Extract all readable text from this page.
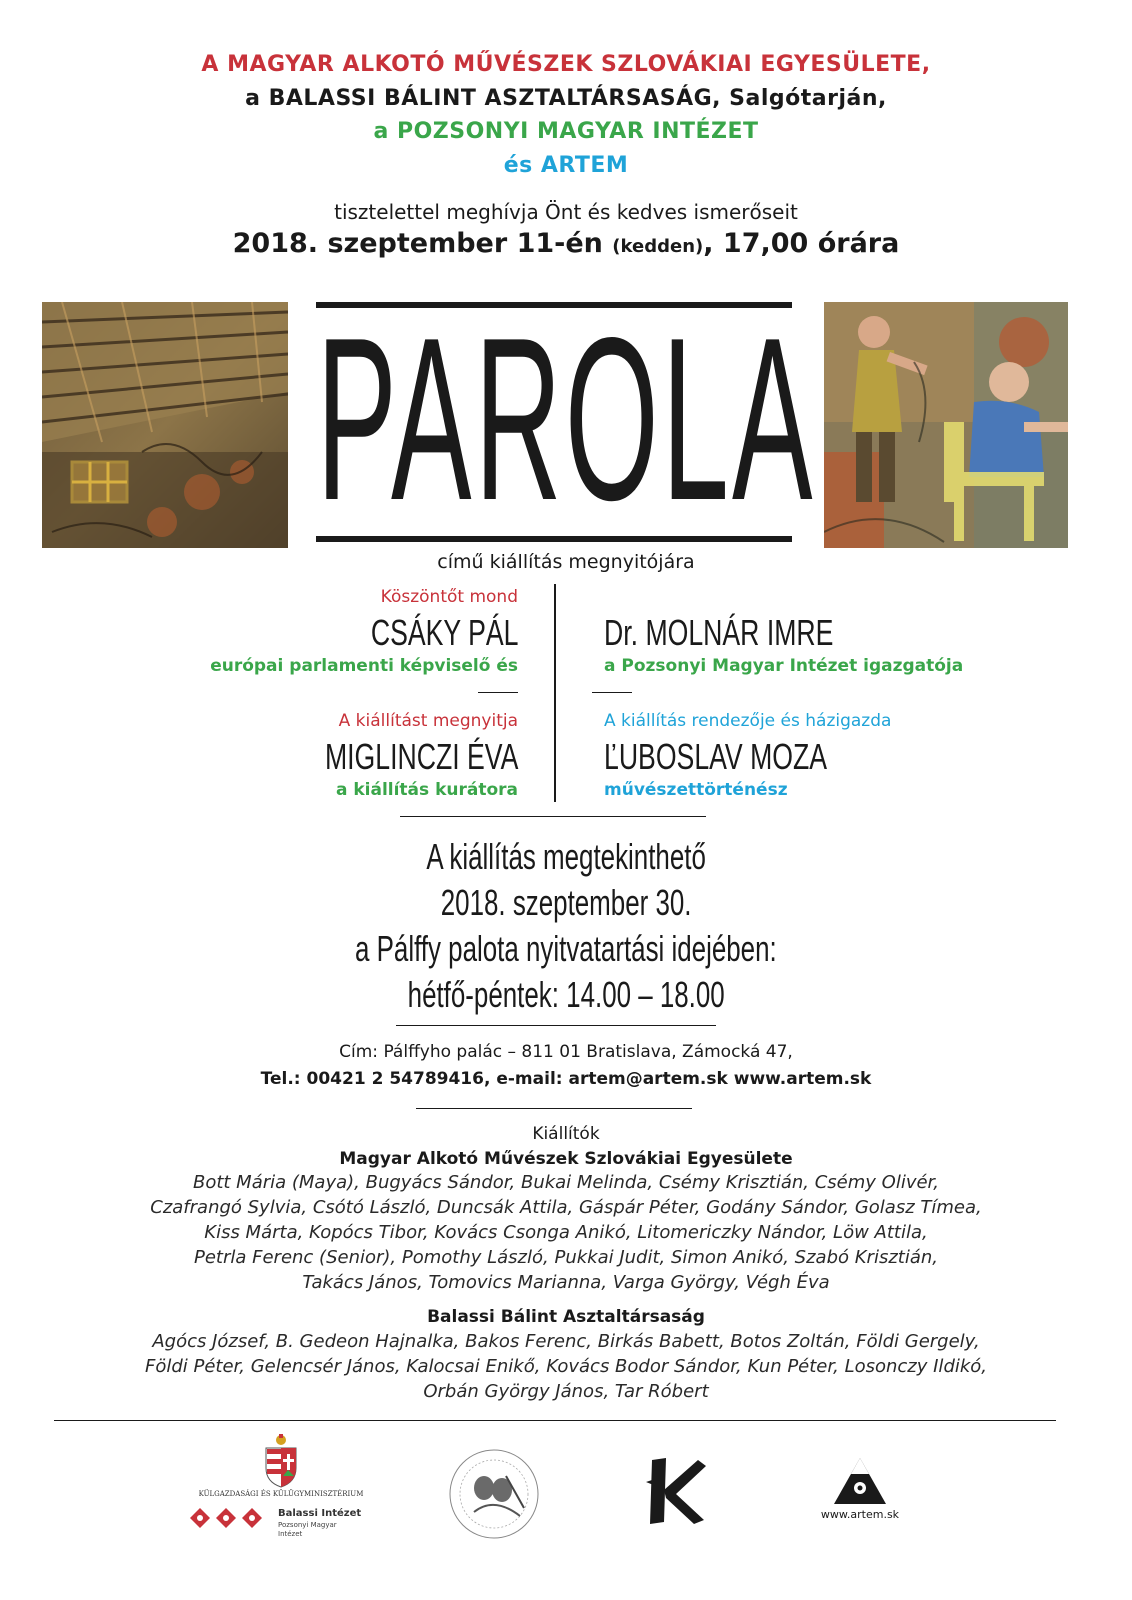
A MAGYAR ALKOTÓ MŰVÉSZEK SZLOVÁKIAI EGYESÜLETE,
a BALASSI BÁLINT ASZTALTÁRSASÁG, Salgótarján,
a POZSONYI MAGYAR INTÉZET
és ARTEM
tisztelettel meghívja Önt és kedves ismerőseit
2018. szeptember 11-én (kedden), 17,00 órára
PAROLA
című kiállítás megnyitójára
Köszöntőt mond
CSÁKY PÁL
európai parlamenti képviselő és
Dr. MOLNÁR IMRE
a Pozsonyi Magyar Intézet igazgatója
A kiállítást megnyitja
MIGLINCZI ÉVA
a kiállítás kurátora
A kiállítás rendezője és házigazda
ĽUBOSLAV MOZA
művészettörténész
A kiállítás megtekinthető
2018. szeptember 30.
a Pálffy palota nyitvatartási idejében:
hétfő-péntek: 14.00 – 18.00
Cím: Pálffyho palác – 811 01 Bratislava, Zámocká 47,
Tel.: 00421 2 54789416, e-mail: artem@artem.sk www.artem.sk
Kiállítók
Magyar Alkotó Művészek Szlovákiai Egyesülete
Bott Mária (Maya), Bugyács Sándor, Bukai Melinda, Csémy Krisztián, Csémy Olivér,
Czafrangó Sylvia, Csótó László, Duncsák Attila, Gáspár Péter, Godány Sándor, Golasz Tímea,
Kiss Márta, Kopócs Tibor, Kovács Csonga Anikó, Litomericzky Nándor, Löw Attila,
Petrla Ferenc (Senior), Pomothy László, Pukkai Judit, Simon Anikó, Szabó Krisztián,
Takács János, Tomovics Marianna, Varga György, Végh Éva
Balassi Bálint Asztaltársaság
Agócs József, B. Gedeon Hajnalka, Bakos Ferenc, Birkás Babett, Botos Zoltán, Földi Gergely,
Földi Péter, Gelencsér János, Kalocsai Enikő, Kovács Bodor Sándor, Kun Péter, Losonczy Ildikó,
Orbán György János, Tar Róbert
KÜLGAZDASÁGI ÉS KÜLÜGYMINISZTÉRIUM
Balassi Intézet
Pozsonyi Magyar
Intézet
www.artem.sk
